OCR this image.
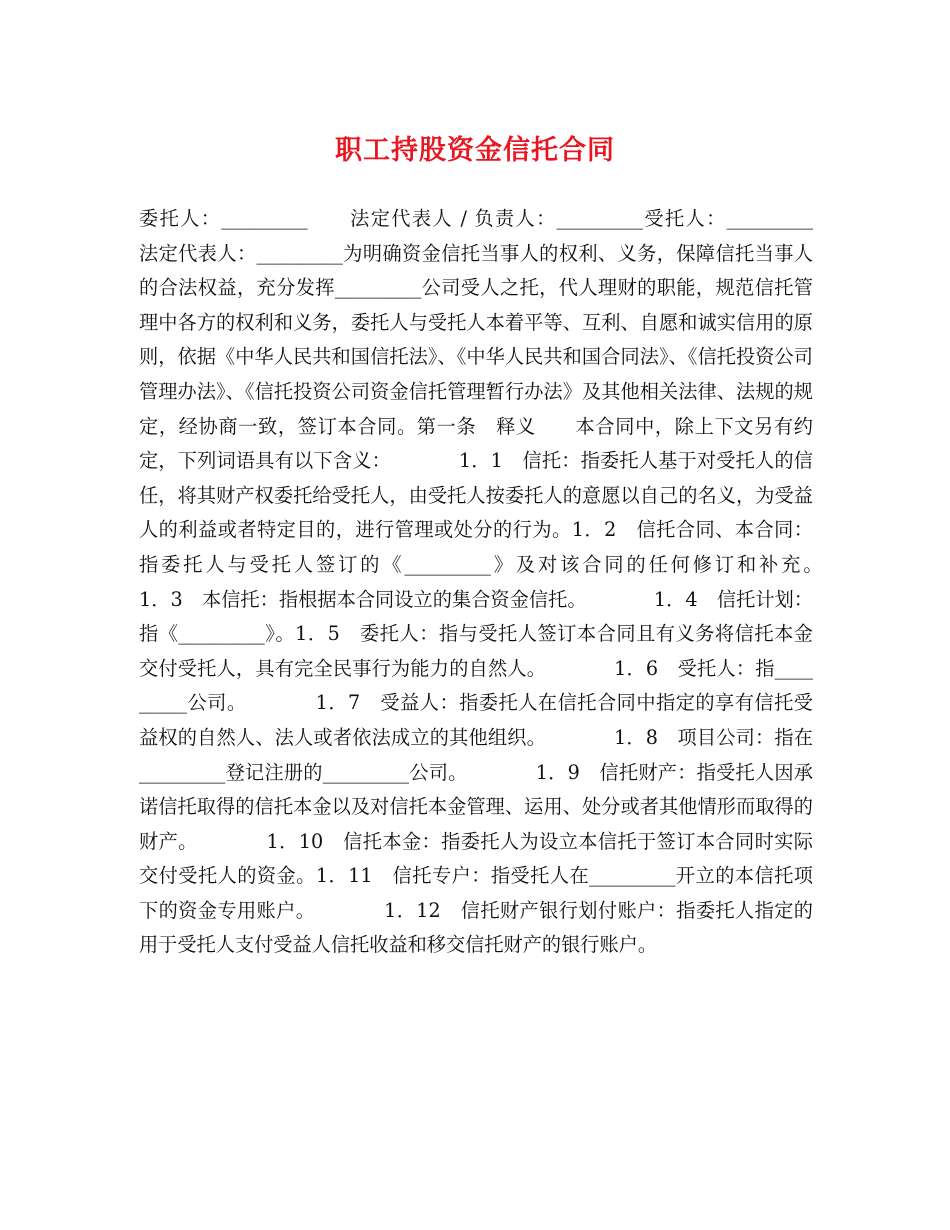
职工持股资金信托合同

委托人：_________　　法定代表人 / 负责人：_________受托人：_________　　法定代表人：_________为明确资金信托当事人的权利、义务，保障信托当事人的合法权益，充分发挥_________公司受人之托，代人理财的职能，规范信托管理中各方的权利和义务，委托人与受托人本着平等、互利、自愿和诚实信用的原则，依据《中华人民共和国信托法》、《中华人民共和国合同法》、《信托投资公司管理办法》、《信托投资公司资金信托管理暂行办法》及其他相关法律、法规的规定，经协商一致，签订本合同。第一条　释义　　本合同中，除上下文另有约定，下列词语具有以下含义：　　　　1．1　信托：指委托人基于对受托人的信任，将其财产权委托给受托人，由受托人按委托人的意愿以自己的名义，为受益人的利益或者特定目的，进行管理或处分的行为。1．2　信托合同、本合同：指委托人与受托人签订的《_________》及对该合同的任何修订和补充。　　　　1．3　本信托：指根据本合同设立的集合资金信托。　　　　1．4　信托计划：指《_________》。1．5　委托人：指与受托人签订本合同且有义务将信托本金交付受托人，具有完全民事行为能力的自然人。　　　　1．6　受托人：指_________公司。　　　　1．7　受益人：指委托人在信托合同中指定的享有信托受益权的自然人、法人或者依法成立的其他组织。　　　　1．8　项目公司：指在_________登记注册的_________公司。　　　　1．9　信托财产：指受托人因承诺信托取得的信托本金以及对信托本金管理、运用、处分或者其他情形而取得的财产。　　　　1．10　信托本金：指委托人为设立本信托于签订本合同时实际交付受托人的资金。1．11　信托专户：指受托人在_________开立的本信托项下的资金专用账户。　　　　1．12　信托财产银行划付账户：指委托人指定的用于受托人支付受益人信托收益和移交信托财产的银行账户。
